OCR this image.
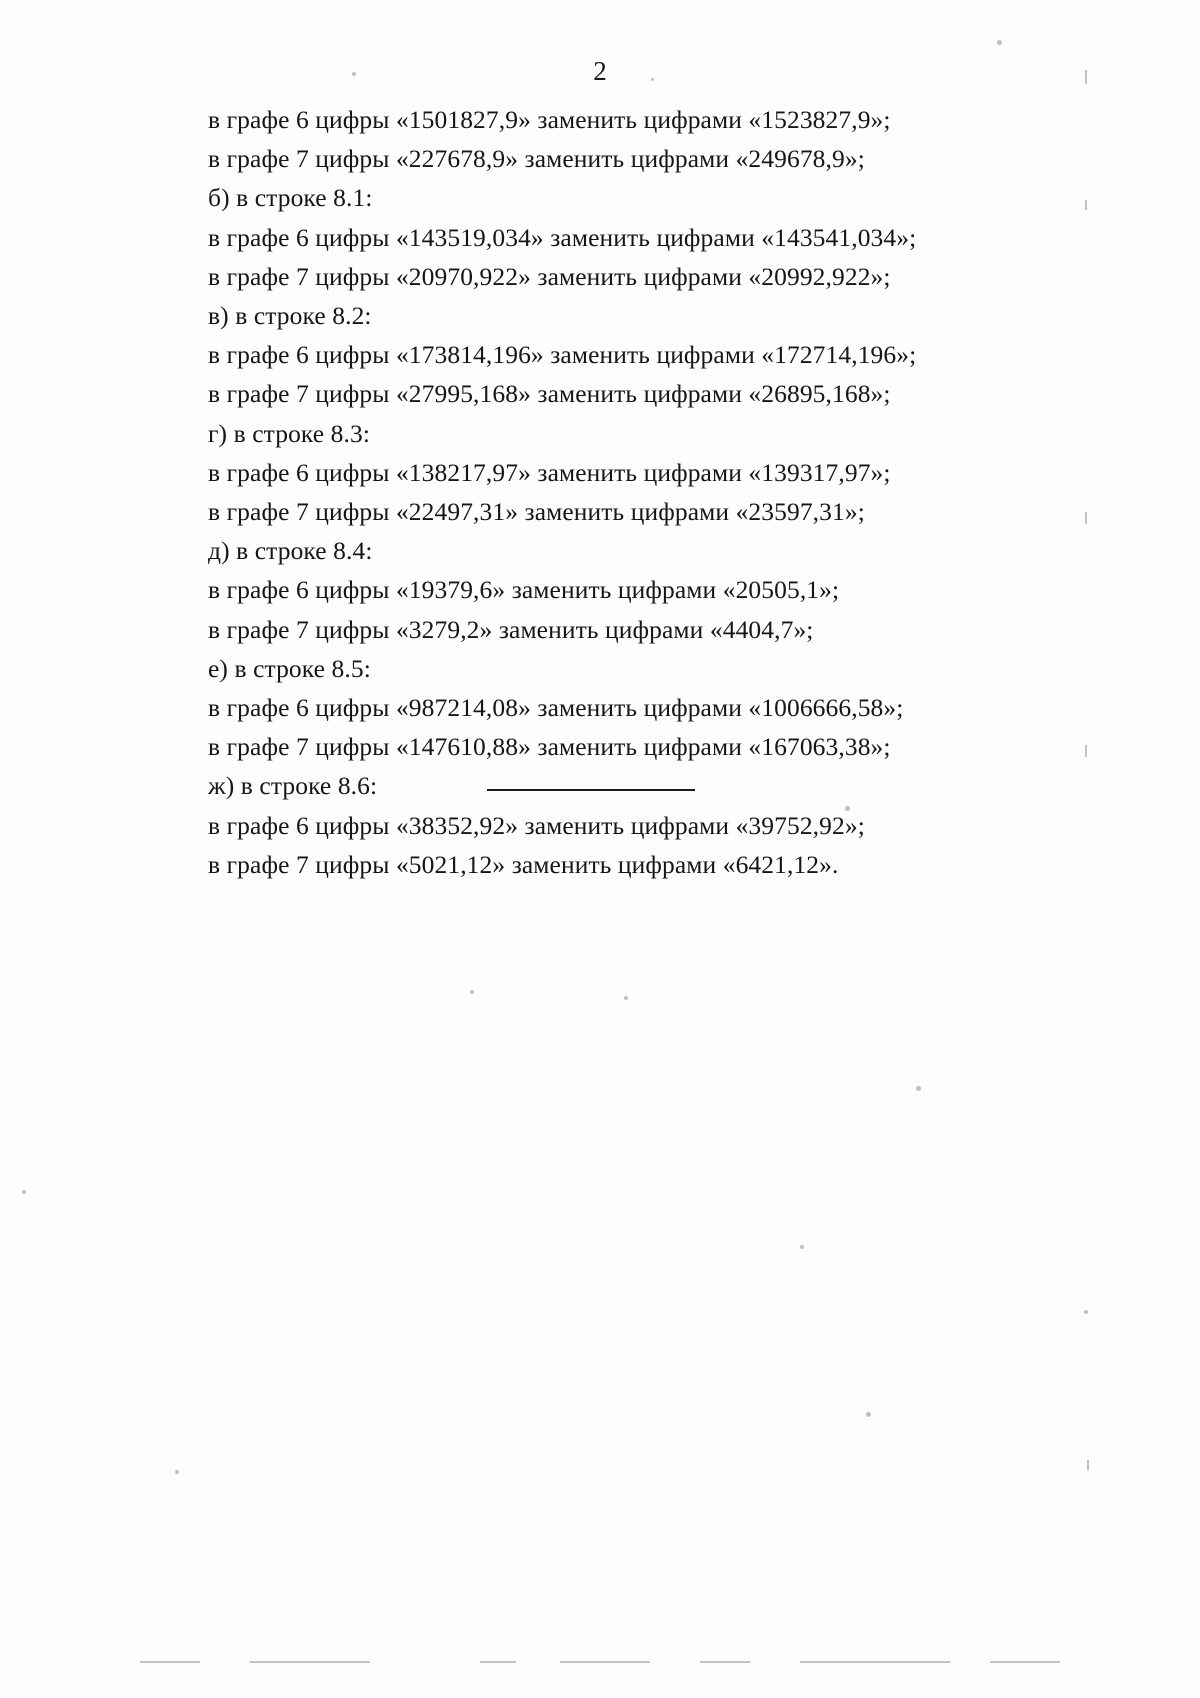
2

в графе 6 цифры «1501827,9» заменить цифрами «1523827,9»;

в графе 7 цифры «227678,9» заменить цифрами «249678,9»;

б) в строке 8.1:

в графе 6 цифры «143519,034» заменить цифрами «143541,034»;

в графе 7 цифры «20970,922» заменить цифрами «20992,922»;

в) в строке 8.2:

в графе 6 цифры «173814,196» заменить цифрами «172714,196»;

в графе 7 цифры «27995,168» заменить цифрами «26895,168»;

г) в строке 8.3:

в графе 6 цифры «138217,97» заменить цифрами «139317,97»;

в графе 7 цифры «22497,31» заменить цифрами «23597,31»;

д) в строке 8.4:

в графе 6 цифры «19379,6» заменить цифрами «20505,1»;

в графе 7 цифры «3279,2» заменить цифрами «4404,7»;

е) в строке 8.5:

в графе 6 цифры «987214,08» заменить цифрами «1006666,58»;

в графе 7 цифры «147610,88» заменить цифрами «167063,38»;

ж) в строке 8.6:

в графе 6 цифры «38352,92» заменить цифрами «39752,92»;

в графе 7 цифры «5021,12» заменить цифрами «6421,12».
